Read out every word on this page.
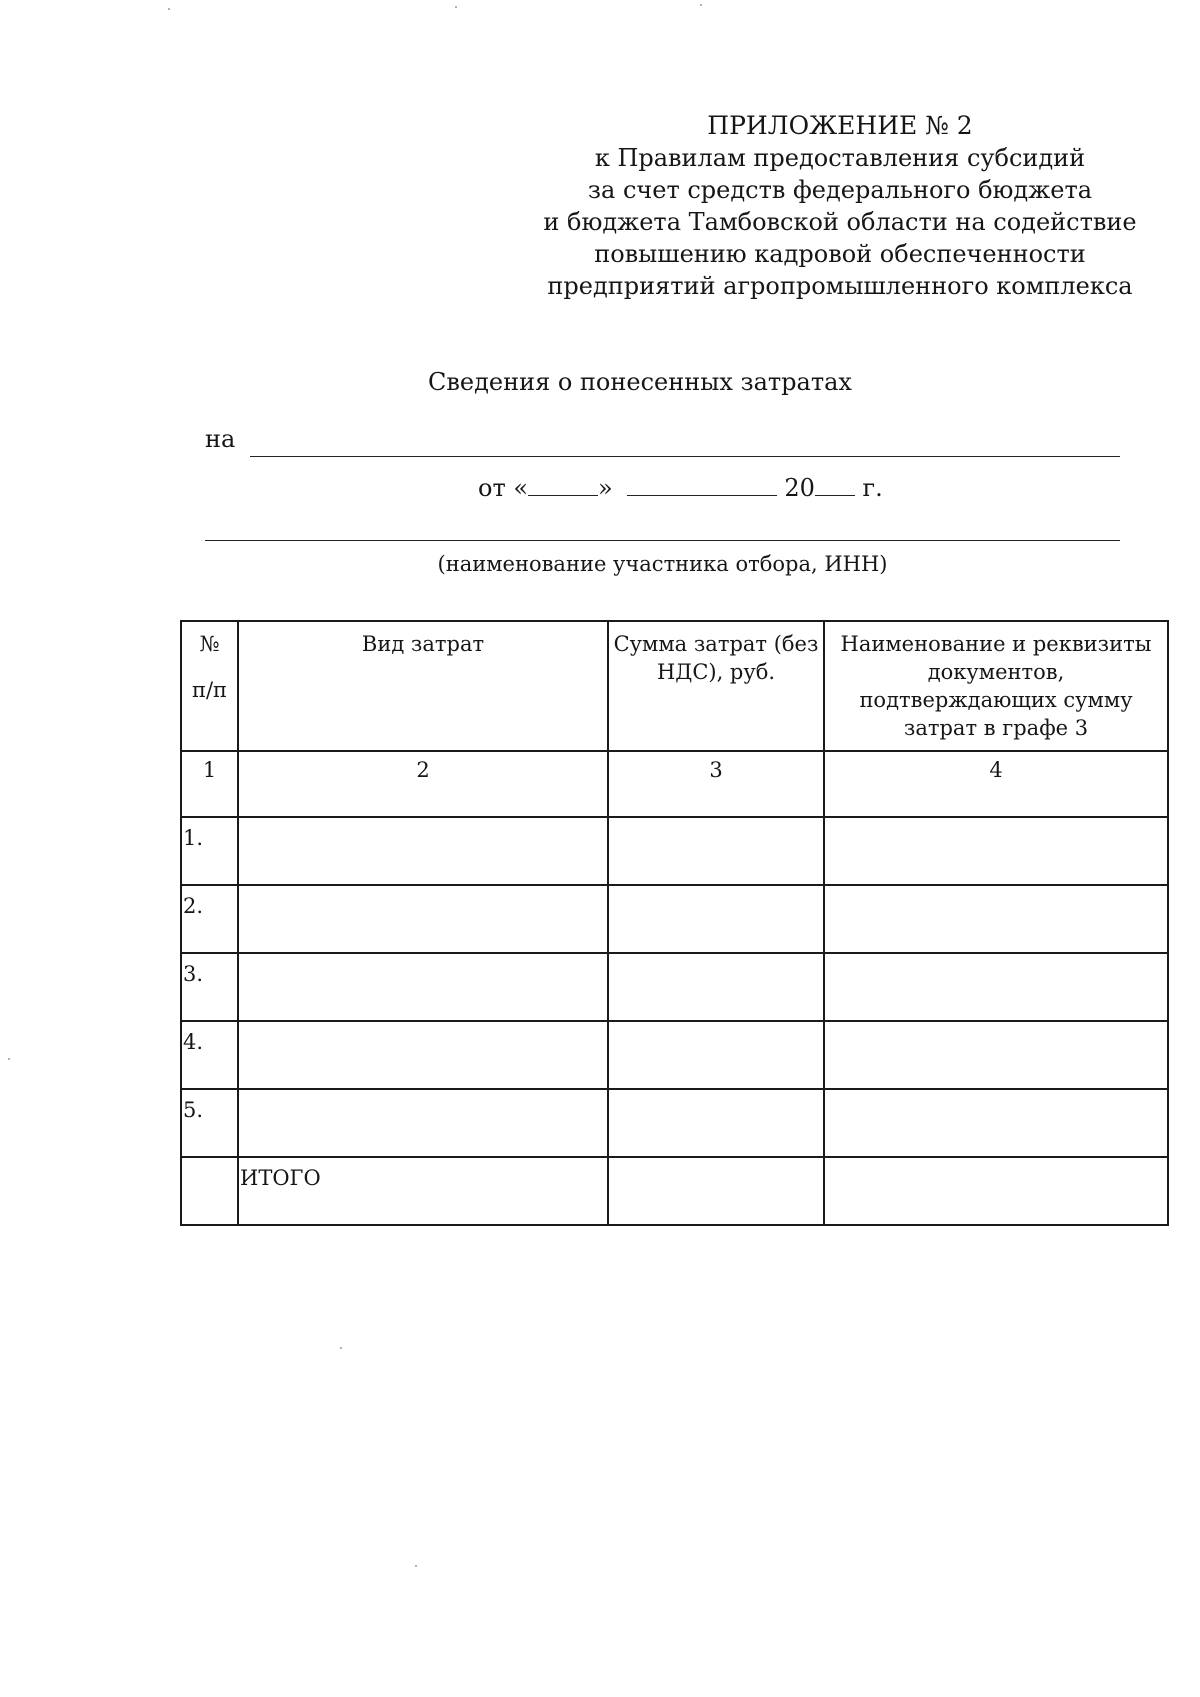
ПРИЛОЖЕНИЕ № 2
к Правилам предоставления субсидий
за счет средств федерального бюджета
и бюджета Тамбовской области на содействие
повышению кадровой обеспеченности
предприятий агропромышленного комплекса
Сведения о понесенных затратах
на
от «	»	20 г.
(наименование участника отбора, ИНН)
№
п/п	Вид затрат	Сумма затрат (без НДС), руб.	Наименование и реквизиты документов, подтверждающих сумму затрат в графе 3
1	2	3	4
1.			
2.			
3.			
4.			
5.			
	ИТОГО		
